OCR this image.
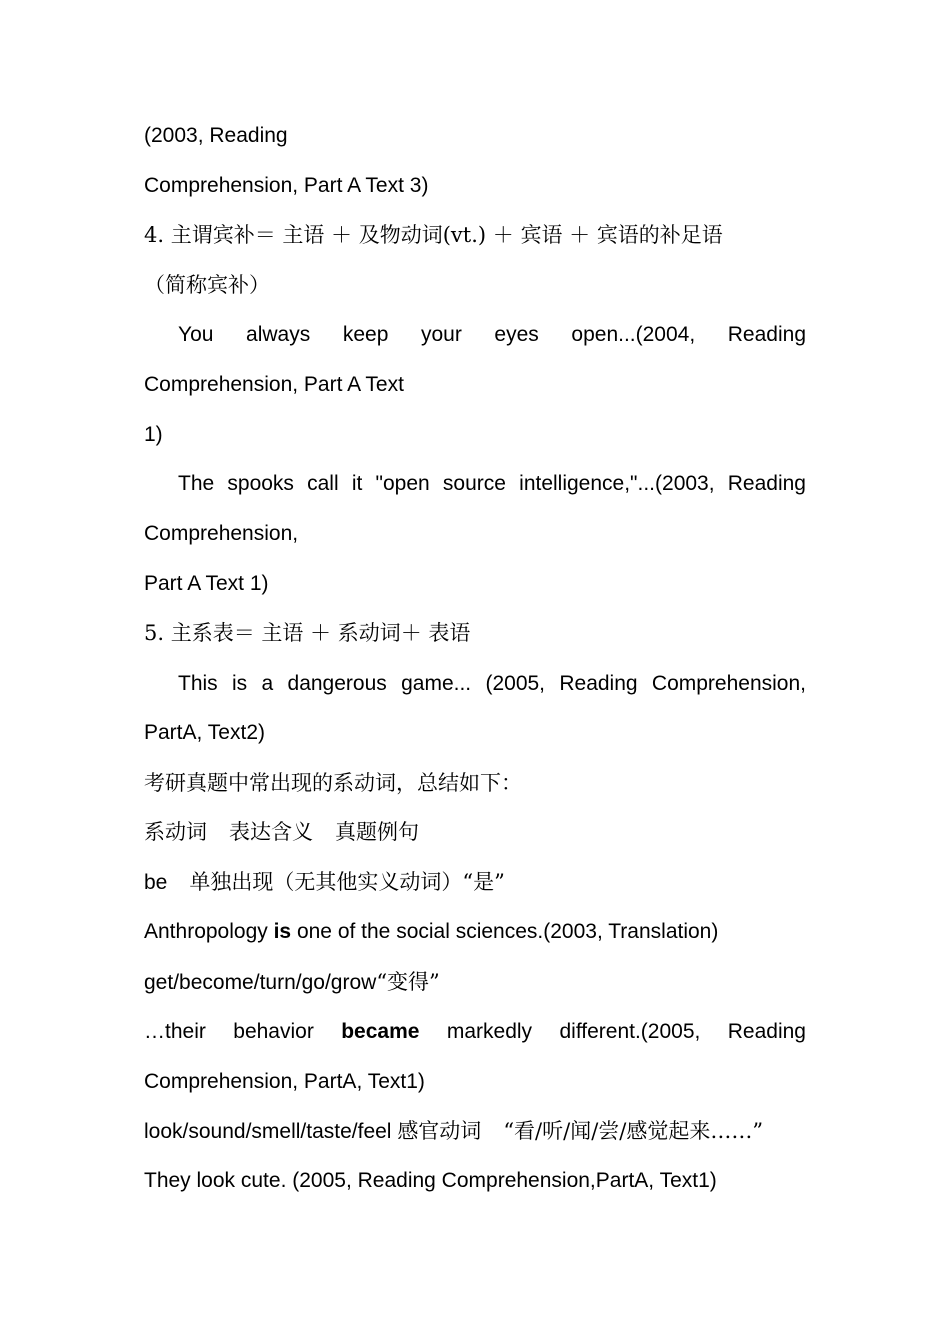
(2003, Reading
Comprehension, Part A Text 3)
4. 主谓宾补＝ 主语 ＋ 及物动词(vt.) ＋ 宾语 ＋ 宾语的补足语
（简称宾补）
You always keep your eyes open...(2004, Reading
Comprehension, Part A Text
1)
The spooks call it "open source intelligence,"...(2003, Reading
Comprehension,
Part A Text 1)
5. 主系表＝ 主语 ＋ 系动词＋ 表语
This is a dangerous game... (2005, Reading Comprehension,
PartA, Text2)
考研真题中常出现的系动词，总结如下：
系动词 表达含义 真题例句
be 单独出现（无其他实义动词）“是”
Anthropology is one of the social sciences.(2003, Translation)
get/become/turn/go/grow“变得”
…their behavior became markedly different.(2005, Reading
Comprehension, PartA, Text1)
look/sound/smell/taste/feel 感官动词 “看/听/闻/尝/感觉起来……”
They look cute. (2005, Reading Comprehension,PartA, Text1)
